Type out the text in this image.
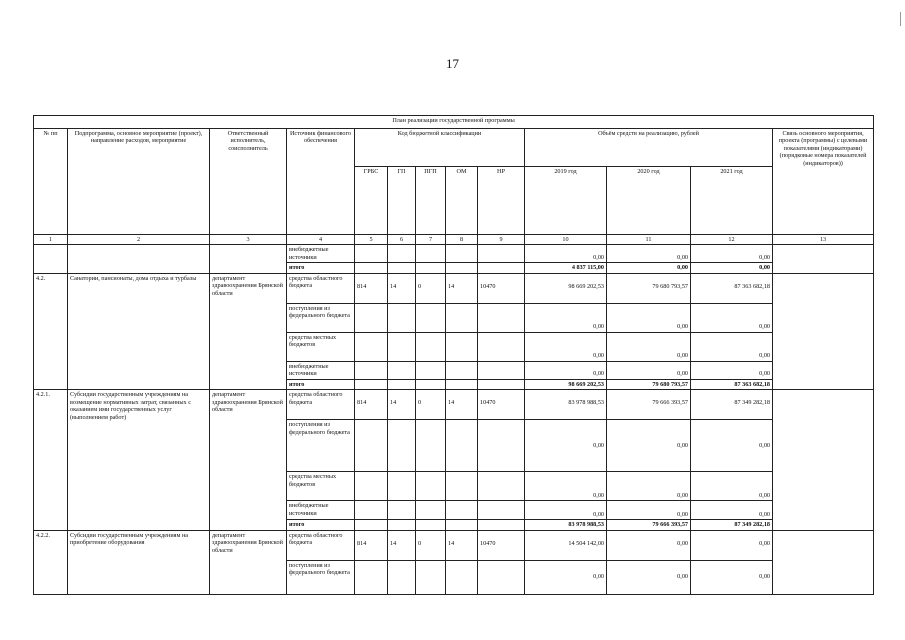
17
План реализации государственной программы												
№ пп	Подпрограмма, основное мероприятие (проект), направление расходов, мероприятие	Ответственный исполнитель, соисполнитель	Источник финансового обеспечения	Код бюджетной классификации					Объём средств на реализацию, рублей			Связь основного мероприятия, проекта (программы) с целевыми показателями (индикаторами) (порядковые номера показателей (индикаторов))
				ГРБС	ГП	ПГП	ОМ	НР	2019 год	2020 год	2021 год	
1	2	3	4	5	6	7	8	9	10	11	12	13
			внебюджетные источники						0,00	0,00	0,00	
			итого						4 837 115,00	0,00	0,00	
4.2.	Санатории, пансионаты, дома отдыха и турбазы	департамент здравоохранения Брянской области	средства областного бюджета	814	14	0	14	10470	98 669 202,53	79 680 793,57	87 363 682,18	
			поступления из федерального бюджета						0,00	0,00	0,00	
			средства местных бюджетов						0,00	0,00	0,00	
			внебюджетные источники						0,00	0,00	0,00	
			итого						98 669 202,53	79 680 793,57	87 363 682,18	
4.2.1.	Субсидии государственным учреждениям на возмещение нормативных затрат, связанных с оказанием ими государственных услуг (выполнением работ)	департамент здравоохранения Брянской области	средства областного бюджета	814	14	0	14	10470	83 978 988,53	79 666 393,57	87 349 282,18	
			поступления из федерального бюджета						0,00	0,00	0,00	
			средства местных бюджетов						0,00	0,00	0,00	
			внебюджетные источники						0,00	0,00	0,00	
			итого						83 978 988,53	79 666 393,57	87 349 282,18	
4.2.2.	Субсидии государственным учреждениям на приобретение оборудования	департамент здравоохранения Брянской области	средства областного бюджета	814	14	0	14	10470	14 504 142,00	0,00	0,00	
			поступления из федерального бюджета						0,00	0,00	0,00	
